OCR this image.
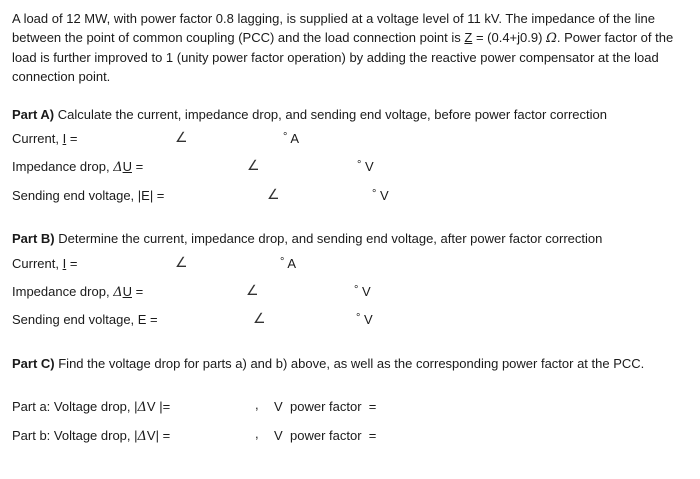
A load of 12 MW, with power factor 0.8 lagging, is supplied at a voltage level of 11 kV. The impedance of the line between the point of common coupling (PCC) and the load connection point is Z = (0.4+j0.9) Ω. Power factor of the load is further improved to 1 (unity power factor operation) by adding the reactive power compensator at the load connection point.
Part A) Calculate the current, impedance drop, and sending end voltage, before power factor correction
Current, I =	∠	° A
Impedance drop, ΔU =	∠	° V
Sending end voltage, |E| =	∠	° V
Part B) Determine the current, impedance drop, and sending end voltage, after power factor correction
Current, I =	∠	° A
Impedance drop, ΔU =	∠	° V
Sending end voltage, E =	∠	° V
Part C) Find the voltage drop for parts a) and b) above, as well as the corresponding power factor at the PCC.
Part a: Voltage drop, |ΔV |=	, V power factor =
Part b: Voltage drop, |ΔV| =	, V power factor =
